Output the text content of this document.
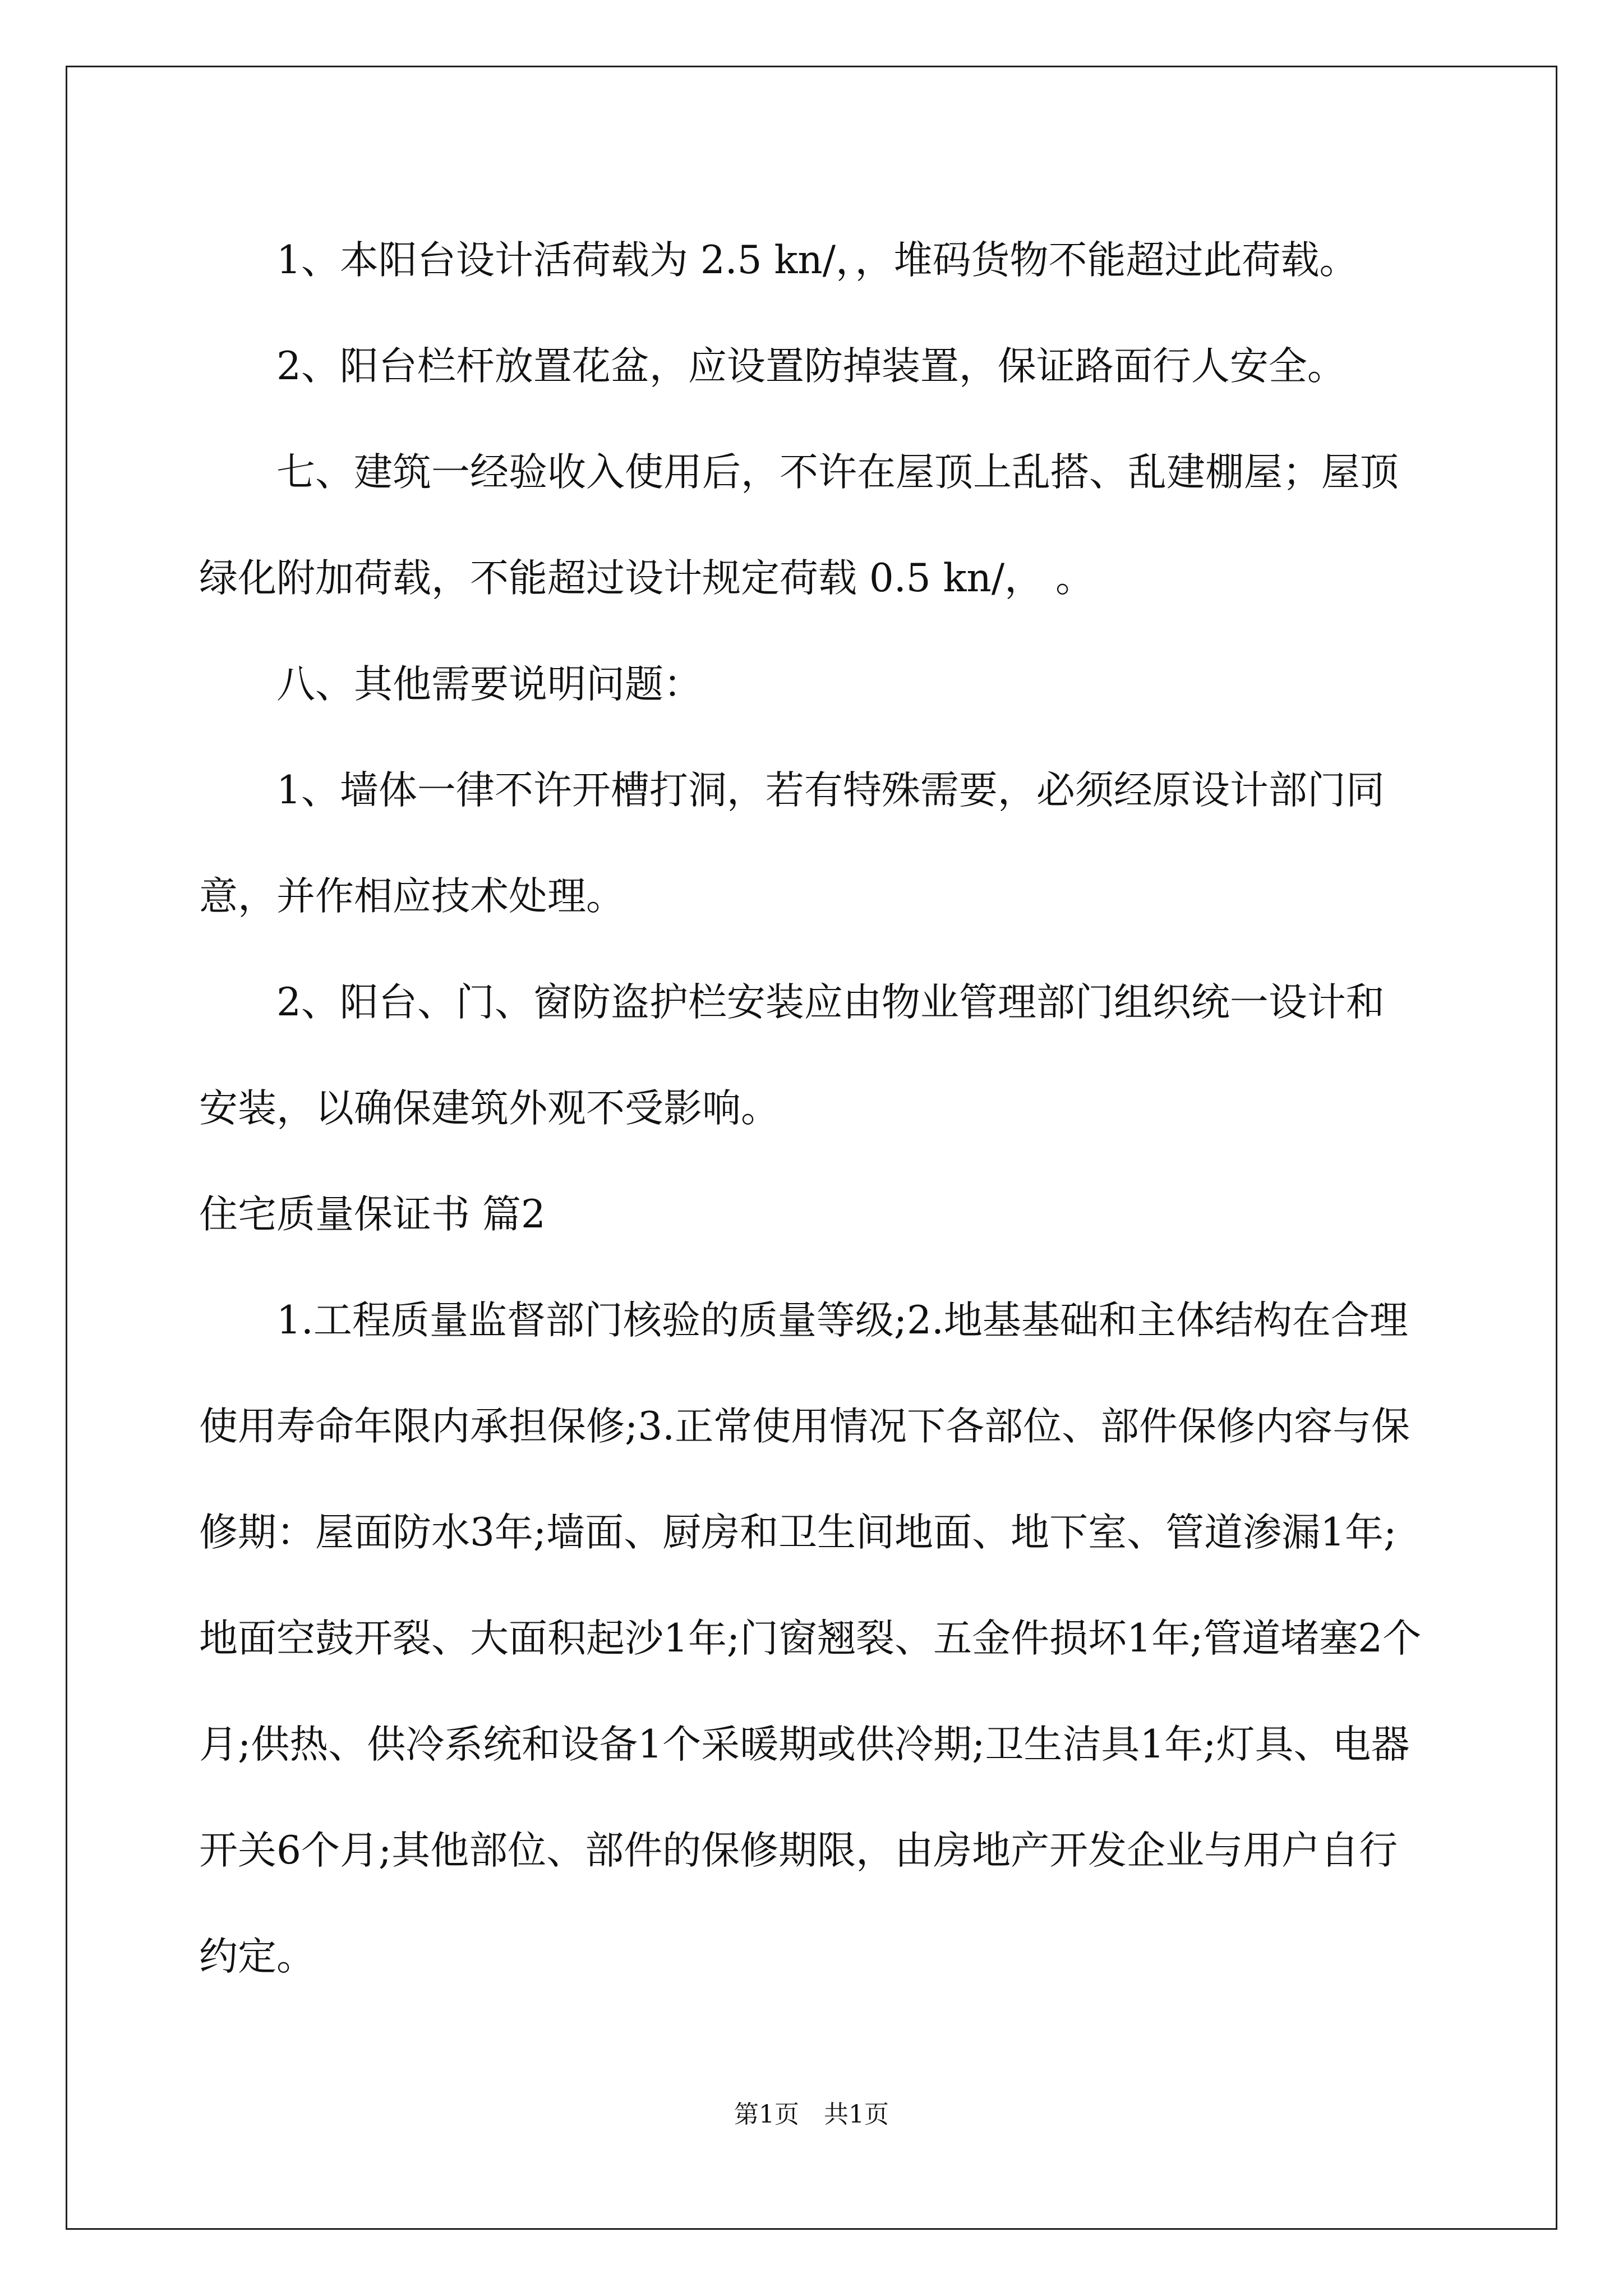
1、本阳台设计活荷载为 2.5 kn/，，堆码货物不能超过此荷载。

2、阳台栏杆放置花盆，应设置防掉装置，保证路面行人安全。

七、建筑一经验收入使用后，不许在屋顶上乱搭、乱建棚屋；屋顶绿化附加荷载，不能超过设计规定荷载 0.5 kn/， 。

八、其他需要说明问题：

1、墙体一律不许开槽打洞，若有特殊需要，必须经原设计部门同意，并作相应技术处理。

2、阳台、门、窗防盗护栏安装应由物业管理部门组织统一设计和安装，以确保建筑外观不受影响。

住宅质量保证书 篇2

1.工程质量监督部门核验的质量等级;2.地基基础和主体结构在合理使用寿命年限内承担保修;3.正常使用情况下各部位、部件保修内容与保修期：屋面防水3年;墙面、厨房和卫生间地面、地下室、管道渗漏1年;地面空鼓开裂、大面积起沙1年;门窗翘裂、五金件损坏1年;管道堵塞2个月;供热、供冷系统和设备1个采暖期或供冷期;卫生洁具1年;灯具、电器开关6个月;其他部位、部件的保修期限，由房地产开发企业与用户自行约定。

第1页　共1页
